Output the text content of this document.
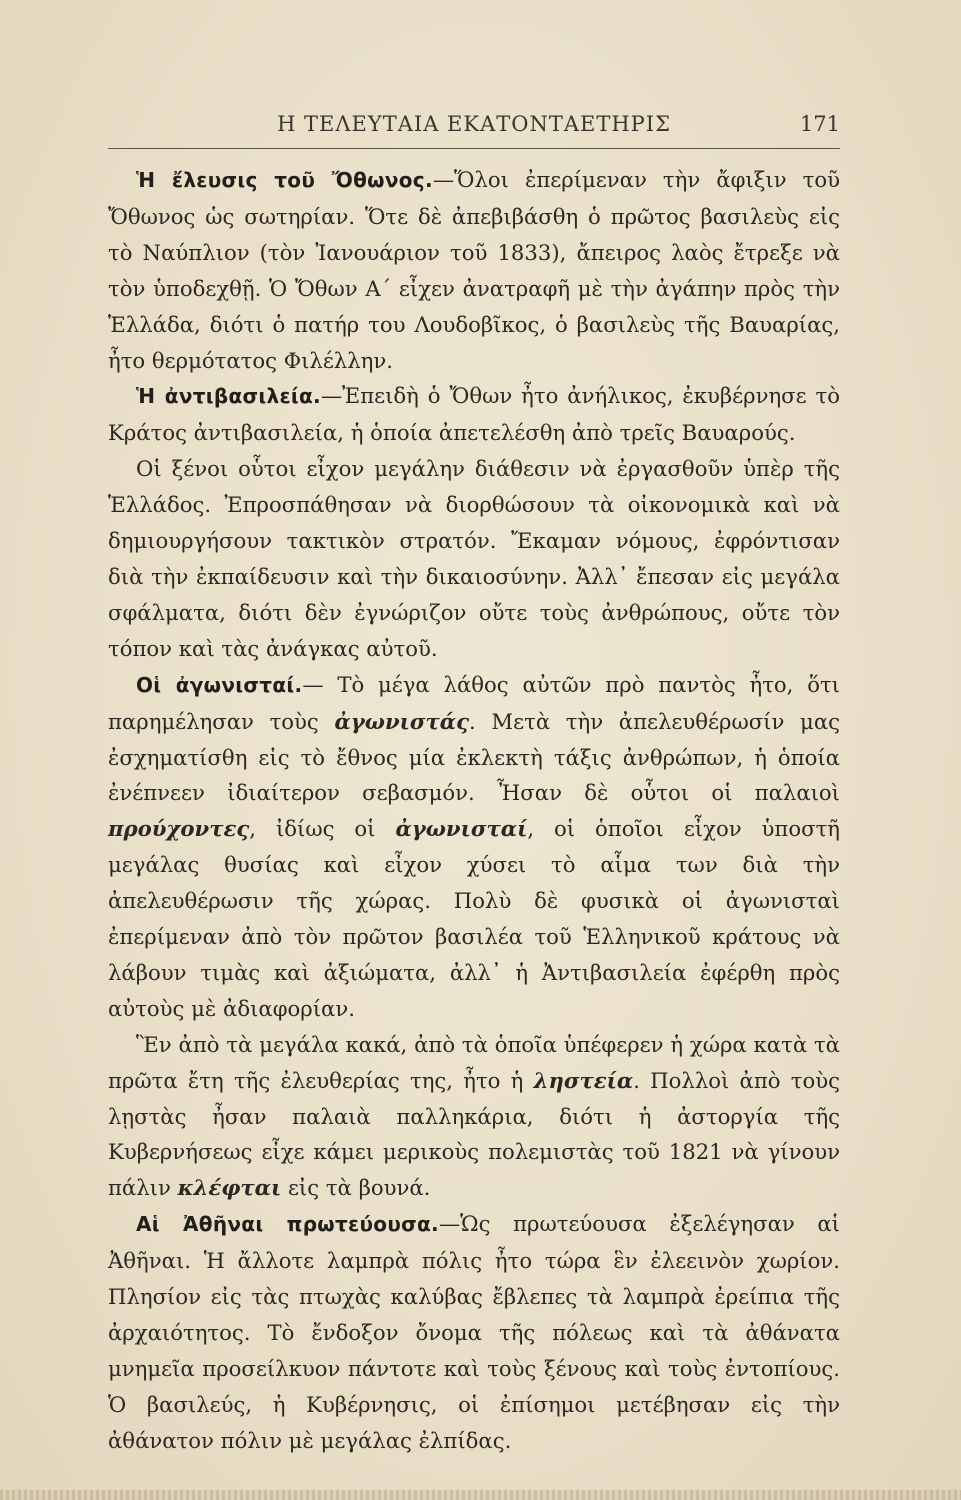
Η ΤΕΛΕΥΤΑΙΑ ΕΚΑΤΟΝΤΑΕΤΗΡΙΣ	171

Ἡ ἔλευσις τοῦ Ὄθωνος.—Ὅλοι ἐπερίμεναν τὴν ἄφιξιν τοῦ Ὄθωνος ὡς σωτηρίαν. Ὅτε δὲ ἀπεβιβάσθη ὁ πρῶτος βασιλεὺς εἰς τὸ Ναύπλιον (τὸν Ἰανουάριον τοῦ 1833), ἄπειρος λαὸς ἔτρεξε νὰ τὸν ὑποδεχθῇ. Ὁ Ὄθων Α΄ εἶχεν ἀνατραφῆ μὲ τὴν ἀγάπην πρὸς τὴν Ἑλλάδα, διότι ὁ πατήρ του Λουδοβῖκος, ὁ βασιλεὺς τῆς Βαυαρίας, ἦτο θερμότατος Φιλέλλην.

Ἡ ἀντιβασιλεία.—Ἐπειδὴ ὁ Ὄθων ἦτο ἀνήλικος, ἐκυβέρνησε τὸ Κράτος ἀντιβασιλεία, ἡ ὁποία ἀπετελέσθη ἀπὸ τρεῖς Βαυαρούς.

Οἱ ξένοι οὗτοι εἶχον μεγάλην διάθεσιν νὰ ἐργασθοῦν ὑπὲρ τῆς Ἑλλάδος. Ἐπροσπάθησαν νὰ διορθώσουν τὰ οἰκονομικὰ καὶ νὰ δημιουργήσουν τακτικὸν στρατόν. Ἔκαμαν νόμους, ἐφρόντισαν διὰ τὴν ἐκπαίδευσιν καὶ τὴν δικαιοσύνην. Ἀλλ᾽ ἔπεσαν εἰς μεγάλα σφάλματα, διότι δὲν ἐγνώριζον οὔτε τοὺς ἀνθρώπους, οὔτε τὸν τόπον καὶ τὰς ἀνάγκας αὐτοῦ.

Οἱ ἀγωνισταί.— Τὸ μέγα λάθος αὐτῶν πρὸ παντὸς ἦτο, ὅτι παρημέλησαν τοὺς ἀγωνιστάς. Μετὰ τὴν ἀπελευθέρωσίν μας ἐσχηματίσθη εἰς τὸ ἔθνος μία ἐκλεκτὴ τάξις ἀνθρώπων, ἡ ὁποία ἐνέπνεεν ἰδιαίτερον σεβασμόν. Ἦσαν δὲ οὗτοι οἱ παλαιοὶ προύχοντες, ἰδίως οἱ ἀγωνισταί, οἱ ὁποῖοι εἶχον ὑποστῆ μεγάλας θυσίας καὶ εἶχον χύσει τὸ αἷμα των διὰ τὴν ἀπελευθέρωσιν τῆς χώρας. Πολὺ δὲ φυσικὰ οἱ ἀγωνισταὶ ἐπερίμεναν ἀπὸ τὸν πρῶτον βασιλέα τοῦ Ἑλληνικοῦ κράτους νὰ λάβουν τιμὰς καὶ ἀξιώματα, ἀλλ᾽ ἡ Ἀντιβασιλεία ἐφέρθη πρὸς αὐτοὺς μὲ ἀδιαφορίαν.

Ἓν ἀπὸ τὰ μεγάλα κακά, ἀπὸ τὰ ὁποῖα ὑπέφερεν ἡ χώρα κατὰ τὰ πρῶτα ἔτη τῆς ἐλευθερίας της, ἦτο ἡ ληστεία. Πολλοὶ ἀπὸ τοὺς λῃστὰς ἦσαν παλαιὰ παλληκάρια, διότι ἡ ἀστοργία τῆς Κυβερνήσεως εἶχε κάμει μερικοὺς πολεμιστὰς τοῦ 1821 νὰ γίνουν πάλιν κλέφται εἰς τὰ βουνά.

Αἱ Ἀθῆναι πρωτεύουσα.—Ὡς πρωτεύουσα ἐξελέγησαν αἱ Ἀθῆναι. Ἡ ἄλλοτε λαμπρὰ πόλις ἦτο τώρα ἓν ἐλεεινὸν χωρίον. Πλησίον εἰς τὰς πτωχὰς καλύβας ἔβλεπες τὰ λαμπρὰ ἐρείπια τῆς ἀρχαιότητος. Τὸ ἔνδοξον ὄνομα τῆς πόλεως καὶ τὰ ἀθάνατα μνημεῖα προσείλκυον πάντοτε καὶ τοὺς ξένους καὶ τοὺς ἐντοπίους. Ὁ βασιλεύς, ἡ Κυβέρνησις, οἱ ἐπίσημοι μετέβησαν εἰς τὴν ἀθάνατον πόλιν μὲ μεγάλας ἐλπίδας.
